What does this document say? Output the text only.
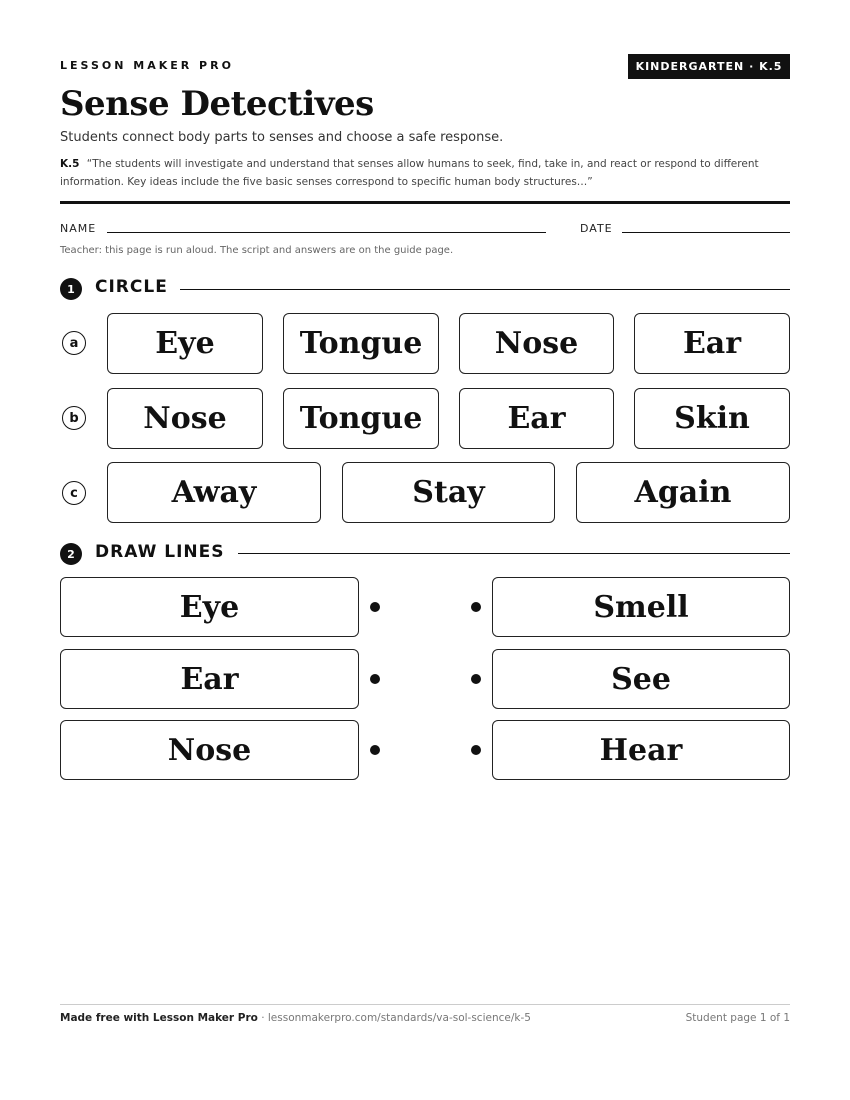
LESSON MAKER PRO	KINDERGARTEN · K.5
Sense Detectives
Students connect body parts to senses and choose a safe response.
K.5 “The students will investigate and understand that senses allow humans to seek, find, take in, and react or respond to different information. Key ideas include the five basic senses correspond to specific human body structures…”
NAME	DATE
Teacher: this page is run aloud. The script and answers are on the guide page.
1	CIRCLE
a	Eye	Tongue	Nose	Ear
b	Nose	Tongue	Ear	Skin
c	Away	Stay	Again
2	DRAW LINES
Eye	Smell
Ear	See
Nose	Hear
Made free with Lesson Maker Pro · lessonmakerpro.com/standards/va-sol-science/k-5	Student page 1 of 1
